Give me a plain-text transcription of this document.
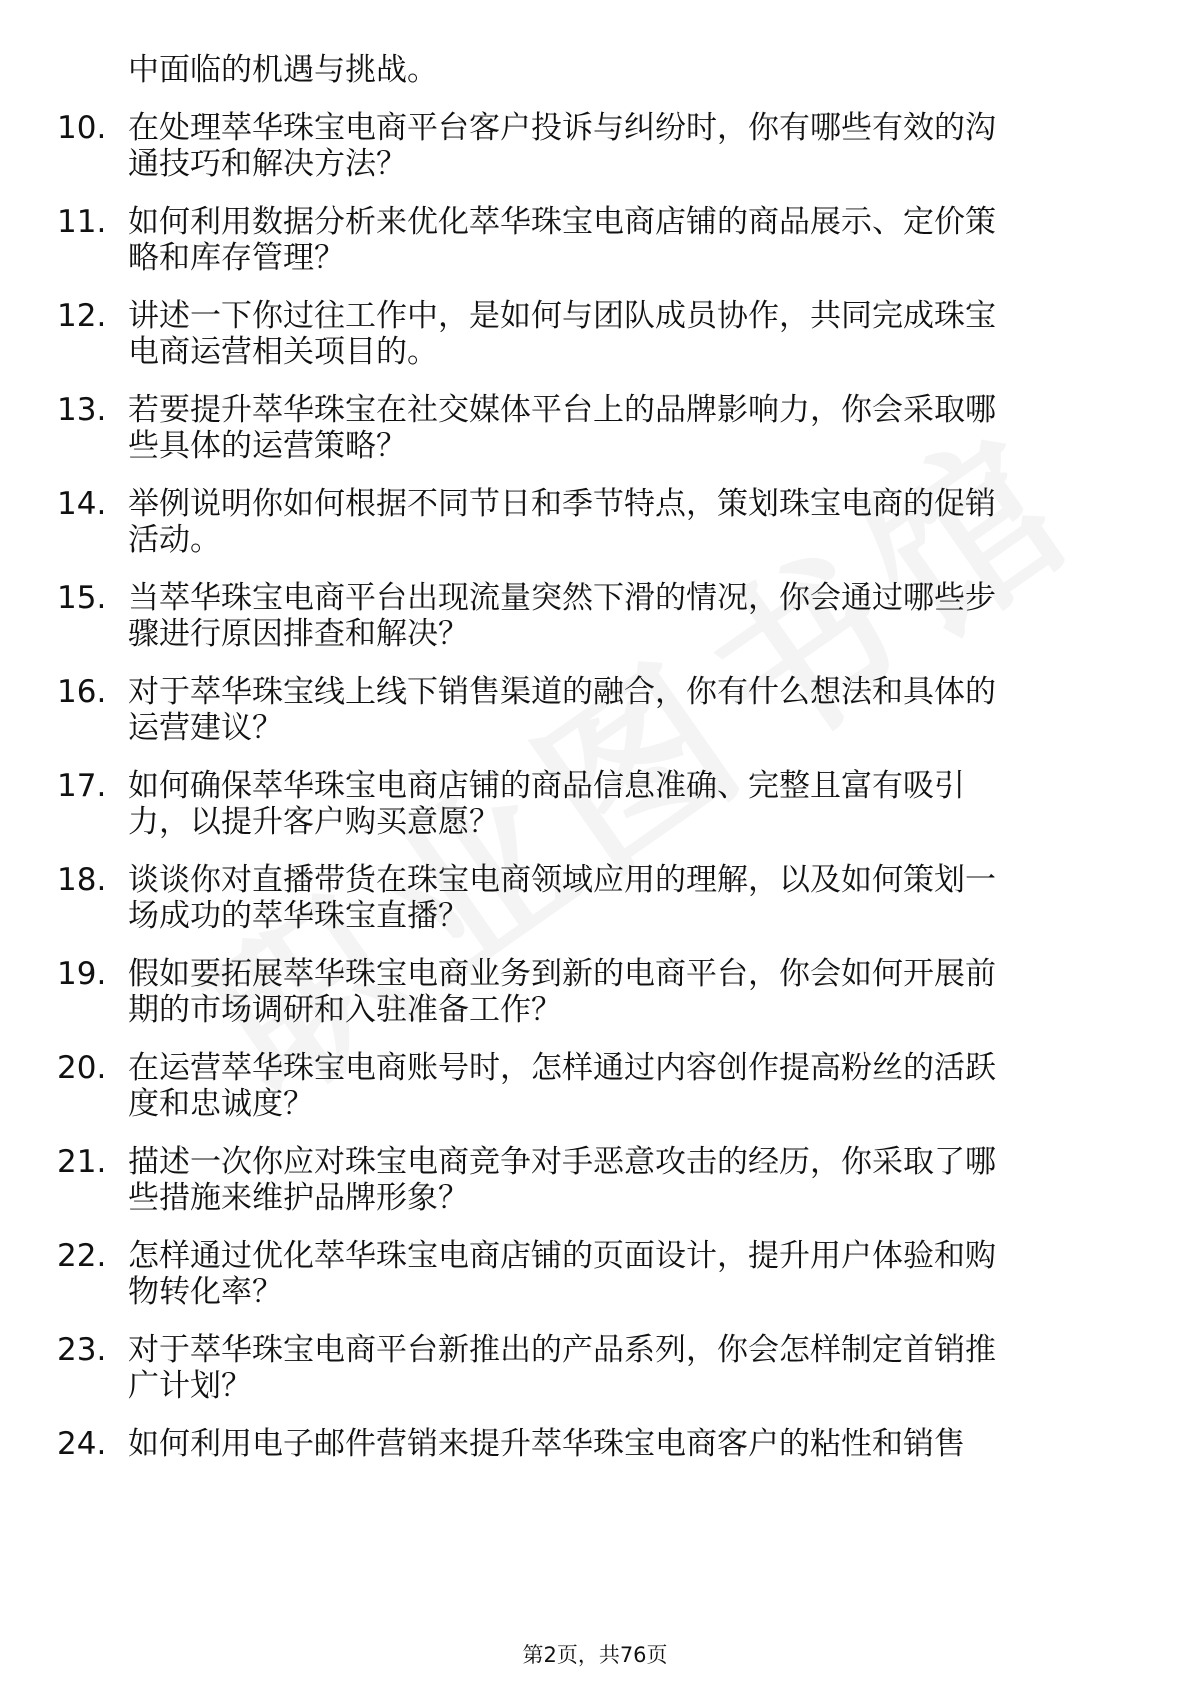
中面临的机遇与挑战。
10. 在处理萃华珠宝电商平台客户投诉与纠纷时，你有哪些有效的沟
通技巧和解决方法？
11. 如何利用数据分析来优化萃华珠宝电商店铺的商品展示、定价策
略和库存管理？
12. 讲述一下你过往工作中，是如何与团队成员协作，共同完成珠宝
电商运营相关项目的。
13. 若要提升萃华珠宝在社交媒体平台上的品牌影响力，你会采取哪
些具体的运营策略？
14. 举例说明你如何根据不同节日和季节特点，策划珠宝电商的促销
活动。
15. 当萃华珠宝电商平台出现流量突然下滑的情况，你会通过哪些步
骤进行原因排查和解决？
16. 对于萃华珠宝线上线下销售渠道的融合，你有什么想法和具体的
运营建议？
17. 如何确保萃华珠宝电商店铺的商品信息准确、完整且富有吸引
力，以提升客户购买意愿？
18. 谈谈你对直播带货在珠宝电商领域应用的理解，以及如何策划一
场成功的萃华珠宝直播？
19. 假如要拓展萃华珠宝电商业务到新的电商平台，你会如何开展前
期的市场调研和入驻准备工作？
20. 在运营萃华珠宝电商账号时，怎样通过内容创作提高粉丝的活跃
度和忠诚度？
21. 描述一次你应对珠宝电商竞争对手恶意攻击的经历，你采取了哪
些措施来维护品牌形象？
22. 怎样通过优化萃华珠宝电商店铺的页面设计，提升用户体验和购
物转化率？
23. 对于萃华珠宝电商平台新推出的产品系列，你会怎样制定首销推
广计划？
24. 如何利用电子邮件营销来提升萃华珠宝电商客户的粘性和销售
第2页，共76页
